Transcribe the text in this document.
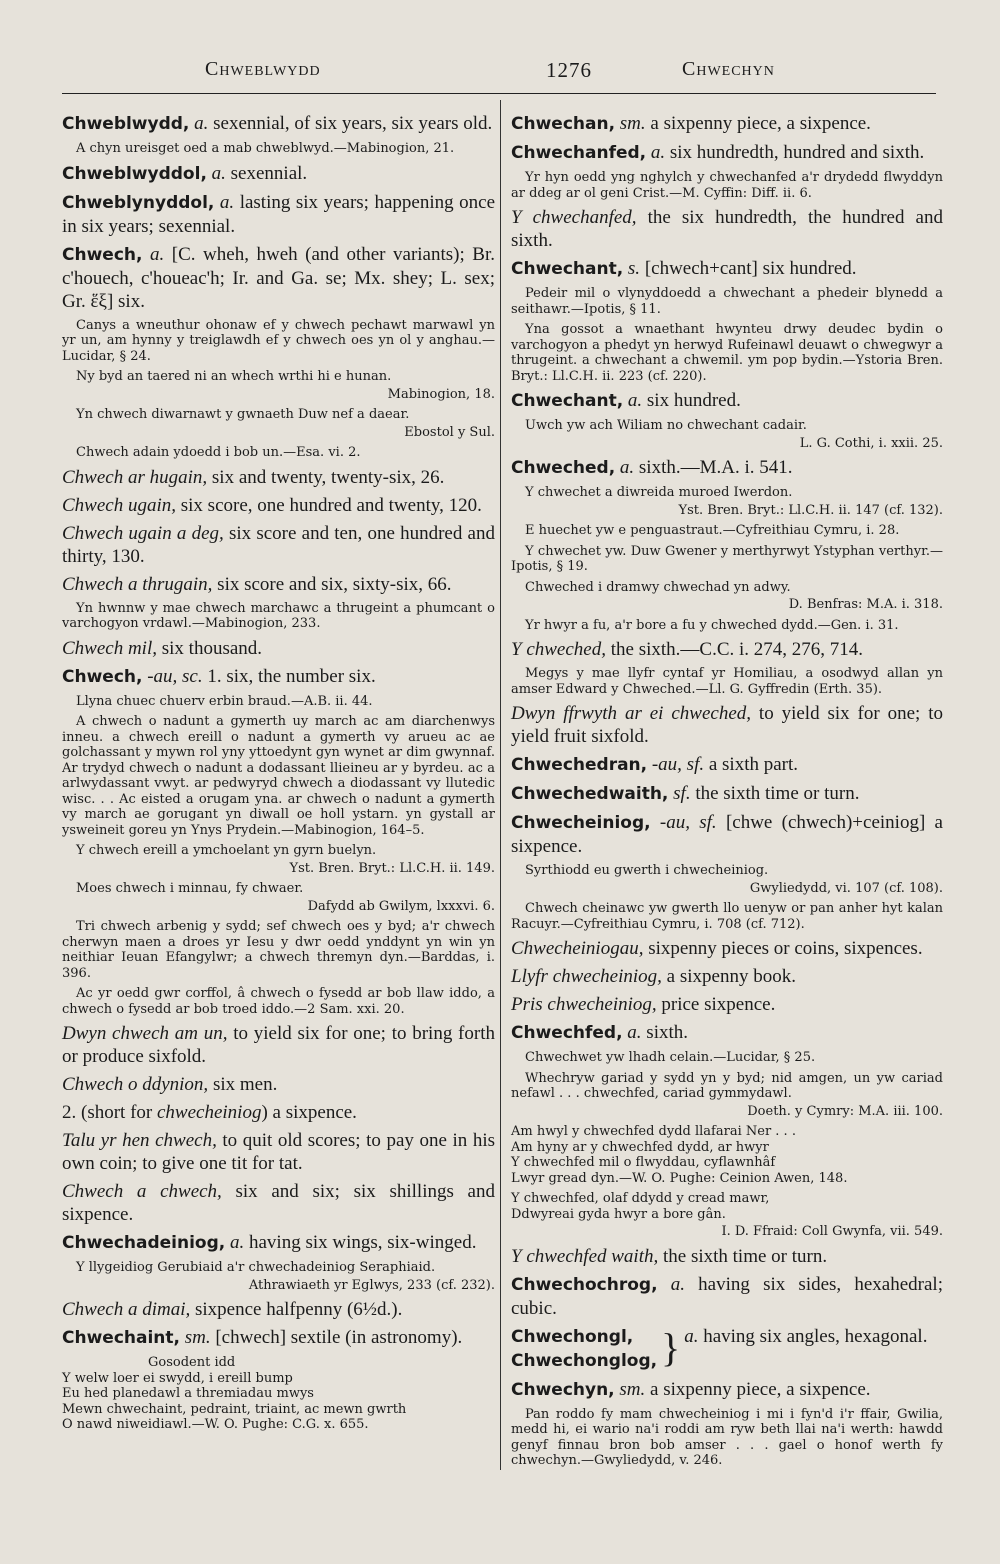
Chweblwydd	1276	Chwechyn
Chweblwydd, a. sexennial, of six years, six years old.
A chyn ureisget oed a mab chweblwyd.—Mabinogion, 21.
Chweblwyddol, a. sexennial.
Chweblynyddol, a. lasting six years; happening once in six years; sexennial.
Chwech, a. [C. wheh, hweh (and other variants); Br. c'houech, c'houeac'h; Ir. and Ga. se; Mx. shey; L. sex; Gr. ἕξ] six.
Canys a wneuthur ohonaw ef y chwech pechawt marwawl yn yr un, am hynny y treiglawdh ef y chwech oes yn ol y anghau.—Lucidar, § 24.
Ny byd an taered ni an whech wrthi hi e hunan.
Mabinogion, 18.
Yn chwech diwarnawt y gwnaeth Duw nef a daear.
Ebostol y Sul.
Chwech adain ydoedd i bob un.—Esa. vi. 2.
Chwech ar hugain, six and twenty, twenty-six, 26.
Chwech ugain, six score, one hundred and twenty, 120.
Chwech ugain a deg, six score and ten, one hundred and thirty, 130.
Chwech a thrugain, six score and six, sixty-six, 66.
Yn hwnnw y mae chwech marchawc a thrugeint a phumcant o varchogyon vrdawl.—Mabinogion, 233.
Chwech mil, six thousand.
Chwech, -au, sc. 1. six, the number six.
Llyna chuec chuerv erbin braud.—A.B. ii. 44.
A chwech o nadunt a gymerth uy march ac am diarchenwys inneu. a chwech ereill o nadunt a gymerth vy arueu ac ae golchassant y mywn rol yny yttoedynt gyn wynet ar dim gwynnaf. Ar trydyd chwech o nadunt a dodassant llieineu ar y byrdeu. ac a arlwydassant vwyt. ar pedwyryd chwech a diodassant vy llutedic wisc. . . Ac eisted a orugam yna. ar chwech o nadunt a gymerth vy march ae gorugant yn diwall oe holl ystarn. yn gystall ar ysweineit goreu yn Ynys Prydein.—Mabinogion, 164–5.
Y chwech ereill a ymchoelant yn gyrn buelyn.
Yst. Bren. Bryt.: Ll.C.H. ii. 149.
Moes chwech i minnau, fy chwaer.
Dafydd ab Gwilym, lxxxvi. 6.
Tri chwech arbenig y sydd; sef chwech oes y byd; a'r chwech cherwyn maen a droes yr Iesu y dwr oedd ynddynt yn win yn neithiar Ieuan Efangylwr; a chwech thremyn dyn.—Barddas, i. 396.
Ac yr oedd gwr corffol, â chwech o fysedd ar bob llaw iddo, a chwech o fysedd ar bob troed iddo.—2 Sam. xxi. 20.
Dwyn chwech am un, to yield six for one; to bring forth or produce sixfold.
Chwech o ddynion, six men.
2. (short for chwecheiniog) a sixpence.
Talu yr hen chwech, to quit old scores; to pay one in his own coin; to give one tit for tat.
Chwech a chwech, six and six; six shillings and sixpence.
Chwechadeiniog, a. having six wings, six-winged.
Y llygeidiog Gerubiaid a'r chwechadeiniog Seraphiaid.
Athrawiaeth yr Eglwys, 233 (cf. 232).
Chwech a dimai, sixpence halfpenny (6½d.).
Chwechaint, sm. [chwech] sextile (in astronomy).
Gosodent idd
Y welw loer ei swydd, i ereill bump
Eu hed planedawl a thremiadau mwys
Mewn chwechaint, pedraint, triaint, ac mewn gwrth
O nawd niweidiawl.—W. O. Pughe: C.G. x. 655.
Chwechan, sm. a sixpenny piece, a sixpence.
Chwechanfed, a. six hundredth, hundred and sixth.
Yr hyn oedd yng nghylch y chwechanfed a'r drydedd flwyddyn ar ddeg ar ol geni Crist.—M. Cyffin: Diff. ii. 6.
Y chwechanfed, the six hundredth, the hundred and sixth.
Chwechant, s. [chwech+cant] six hundred.
Pedeir mil o vlynyddoedd a chwechant a phedeir blynedd a seithawr.—Ipotis, § 11.
Yna gossot a wnaethant hwynteu drwy deudec bydin o varchogyon a phedyt yn herwyd Rufeinawl deuawt o chwegwyr a thrugeint. a chwechant a chwemil. ym pop bydin.—Ystoria Bren. Bryt.: Ll.C.H. ii. 223 (cf. 220).
Chwechant, a. six hundred.
Uwch yw ach Wiliam no chwechant cadair.
L. G. Cothi, i. xxii. 25.
Chweched, a. sixth.—M.A. i. 541.
Y chwechet a diwreida muroed Iwerdon.
Yst. Bren. Bryt.: Ll.C.H. ii. 147 (cf. 132).
E huechet yw e penguastraut.—Cyfreithiau Cymru, i. 28.
Y chwechet yw. Duw Gwener y merthyrwyt Ystyphan verthyr.—Ipotis, § 19.
Chweched i dramwy chwechad yn adwy.
D. Benfras: M.A. i. 318.
Yr hwyr a fu, a'r bore a fu y chweched dydd.—Gen. i. 31.
Y chweched, the sixth.—C.C. i. 274, 276, 714.
Megys y mae llyfr cyntaf yr Homiliau, a osodwyd allan yn amser Edward y Chweched.—Ll. G. Gyffredin (Erth. 35).
Dwyn ffrwyth ar ei chweched, to yield six for one; to yield fruit sixfold.
Chwechedran, -au, sf. a sixth part.
Chwechedwaith, sf. the sixth time or turn.
Chwecheiniog, -au, sf. [chwe (chwech)+ceiniog] a sixpence.
Syrthiodd eu gwerth i chwecheiniog.
Gwyliedydd, vi. 107 (cf. 108).
Chwech cheinawc yw gwerth llo uenyw or pan anher hyt kalan Racuyr.—Cyfreithiau Cymru, i. 708 (cf. 712).
Chwecheiniogau, sixpenny pieces or coins, sixpences.
Llyfr chwecheiniog, a sixpenny book.
Pris chwecheiniog, price sixpence.
Chwechfed, a. sixth.
Chwechwet yw lhadh celain.—Lucidar, § 25.
Whechryw gariad y sydd yn y byd; nid amgen, un yw cariad nefawl . . . chwechfed, cariad gymmydawl.
Doeth. y Cymry: M.A. iii. 100.
Am hwyl y chwechfed dydd llafarai Ner . . .
Am hyny ar y chwechfed dydd, ar hwyr
Y chwechfed mil o flwyddau, cyflawnhâf
Lwyr gread dyn.—W. O. Pughe: Ceinion Awen, 148.
Y chwechfed, olaf ddydd y cread mawr,
Ddwyreai gyda hwyr a bore gân.
I. D. Ffraid: Coll Gwynfa, vii. 549.
Y chwechfed waith, the sixth time or turn.
Chwechochrog, a. having six sides, hexahedral; cubic.
Chwechongl,
Chwechonglog, } a. having six angles, hexagonal.
Chwechyn, sm. a sixpenny piece, a sixpence.
Pan roddo fy mam chwecheiniog i mi i fyn'd i'r ffair, Gwilia, medd hi, ei wario na'i roddi am ryw beth llai na'i werth: hawdd genyf finnau bron bob amser . . . gael o honof werth fy chwechyn.—Gwyliedydd, v. 246.
